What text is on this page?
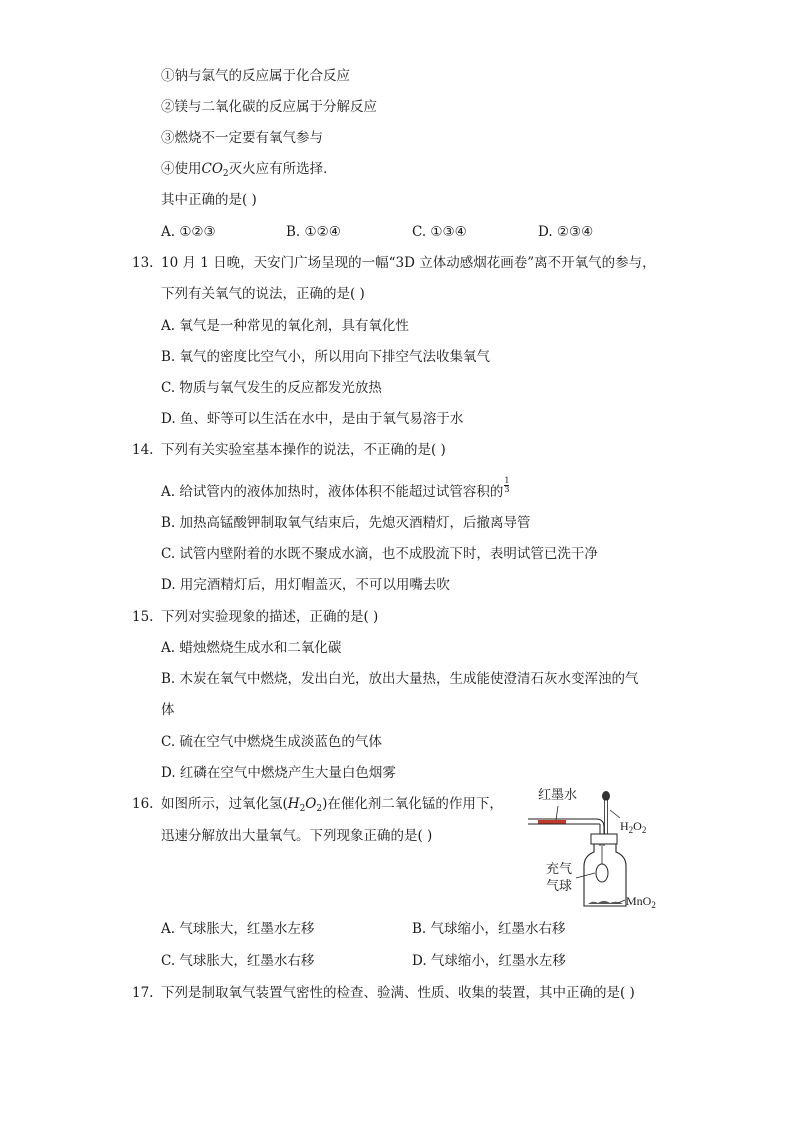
①钠与氯气的反应属于化合反应
②镁与二氧化碳的反应属于分解反应
③燃烧不一定要有氧气参与
④使用$CO_2$灭火应有所选择．
其中正确的是( )
A. ①②③	B. ①②④	C. ①③④	D. ②③④
13. 10 月 1 日晚，天安门广场呈现的一幅“3D 立体动感烟花画卷”离不开氧气的参与，
下列有关氧气的说法，正确的是( )
A. 氧气是一种常见的氧化剂，具有氧化性
B. 氧气的密度比空气小，所以用向下排空气法收集氧气
C. 物质与氧气发生的反应都发光放热
D. 鱼、虾等可以生活在水中，是由于氧气易溶于水
14. 下列有关实验室基本操作的说法，不正确的是( )
A. 给试管内的液体加热时，液体体积不能超过试管容积的 $\frac{1}{3}$
B. 加热高锰酸钾制取氧气结束后，先熄灭酒精灯，后撤离导管
C. 试管内壁附着的水既不聚成水滴，也不成股流下时，表明试管已洗干净
D. 用完酒精灯后，用灯帽盖灭，不可以用嘴去吹
15. 下列对实验现象的描述，正确的是( )
A. 蜡烛燃烧生成水和二氧化碳
B. 木炭在氧气中燃烧，发出白光，放出大量热，生成能使澄清石灰水变浑浊的气
体
C. 硫在空气中燃烧生成淡蓝色的气体
D. 红磷在空气中燃烧产生大量白色烟雾
16. 如图所示，过氧化氢$(H_2O_2)$在催化剂二氧化锰的作用下，
迅速分解放出大量氧气。下列现象正确的是( )
红墨水
$H_2O_2$
充气
气球
MnO$_2$
A. 气球胀大，红墨水左移	B. 气球缩小，红墨水右移
C. 气球胀大，红墨水右移	D. 气球缩小，红墨水左移
17. 下列是制取氧气装置气密性的检查、验满、性质、收集的装置，其中正确的是( )
